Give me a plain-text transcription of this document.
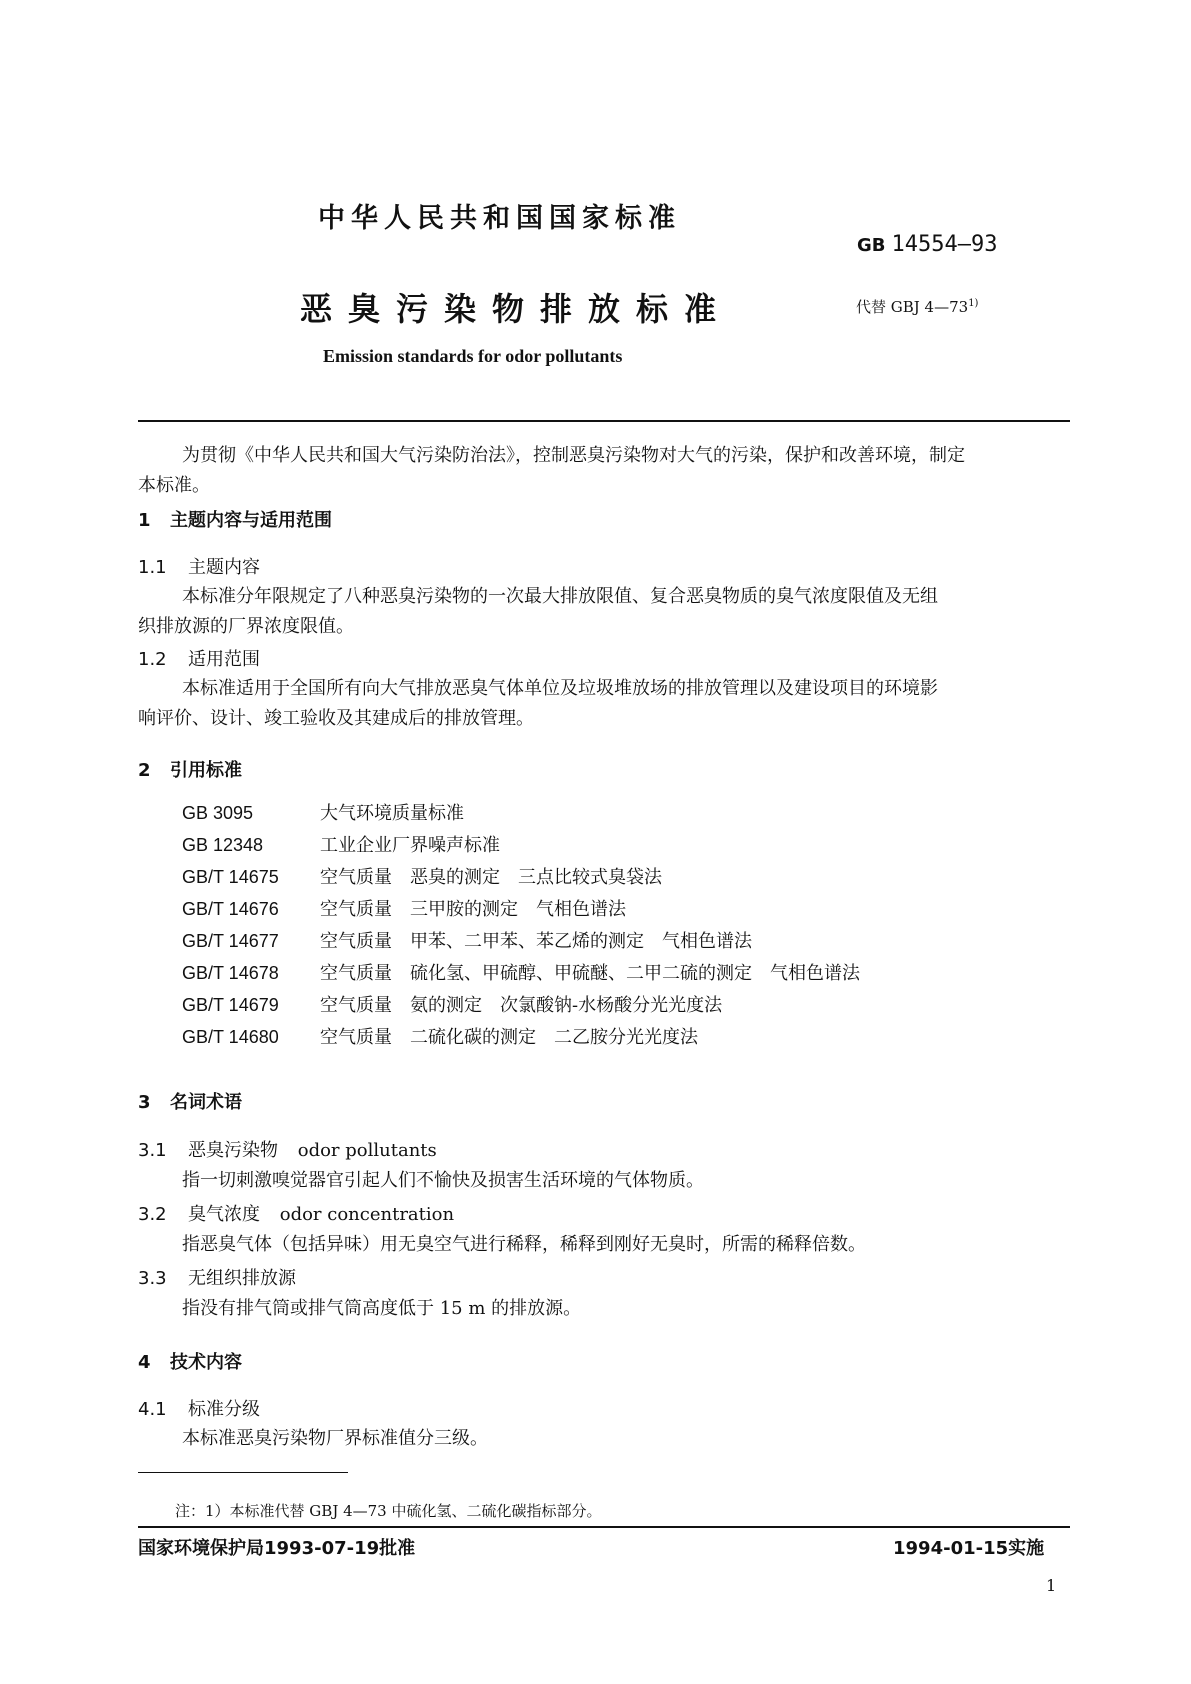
中华人民共和国国家标准
GB 14554—93
恶臭污染物排放标准	代替 GBJ 4—73$^{1)}$
Emission standards for odor pollutants
为贯彻《中华人民共和国大气污染防治法》，控制恶臭污染物对大气的污染，保护和改善环境，制定
本标准。
1 主题内容与适用范围
1.1 主题内容
本标准分年限规定了八种恶臭污染物的一次最大排放限值、复合恶臭物质的臭气浓度限值及无组
织排放源的厂界浓度限值。
1.2 适用范围
本标准适用于全国所有向大气排放恶臭气体单位及垃圾堆放场的排放管理以及建设项目的环境影
响评价、设计、竣工验收及其建成后的排放管理。
2 引用标准
GB 3095	大气环境质量标准
GB 12348	工业企业厂界噪声标准
GB/T 14675 空气质量　恶臭的测定　三点比较式臭袋法
GB/T 14676 空气质量　三甲胺的测定　气相色谱法
GB/T 14677 空气质量　甲苯、二甲苯、苯乙烯的测定　气相色谱法
GB/T 14678 空气质量　硫化氢、甲硫醇、甲硫醚、二甲二硫的测定　气相色谱法
GB/T 14679 空气质量　氨的测定　次氯酸钠-水杨酸分光光度法
GB/T 14680 空气质量　二硫化碳的测定　二乙胺分光光度法
3 名词术语
3.1 恶臭污染物 odor pollutants
指一切刺激嗅觉器官引起人们不愉快及损害生活环境的气体物质。
3.2 臭气浓度 odor concentration
指恶臭气体（包括异味）用无臭空气进行稀释，稀释到刚好无臭时，所需的稀释倍数。
3.3 无组织排放源
指没有排气筒或排气筒高度低于 15 m 的排放源。
4 技术内容
4.1 标准分级
本标准恶臭污染物厂界标准值分三级。
注：1）本标准代替 GBJ 4—73 中硫化氢、二硫化碳指标部分。
国家环境保护局1993-07-19批准	1994-01-15实施
1
